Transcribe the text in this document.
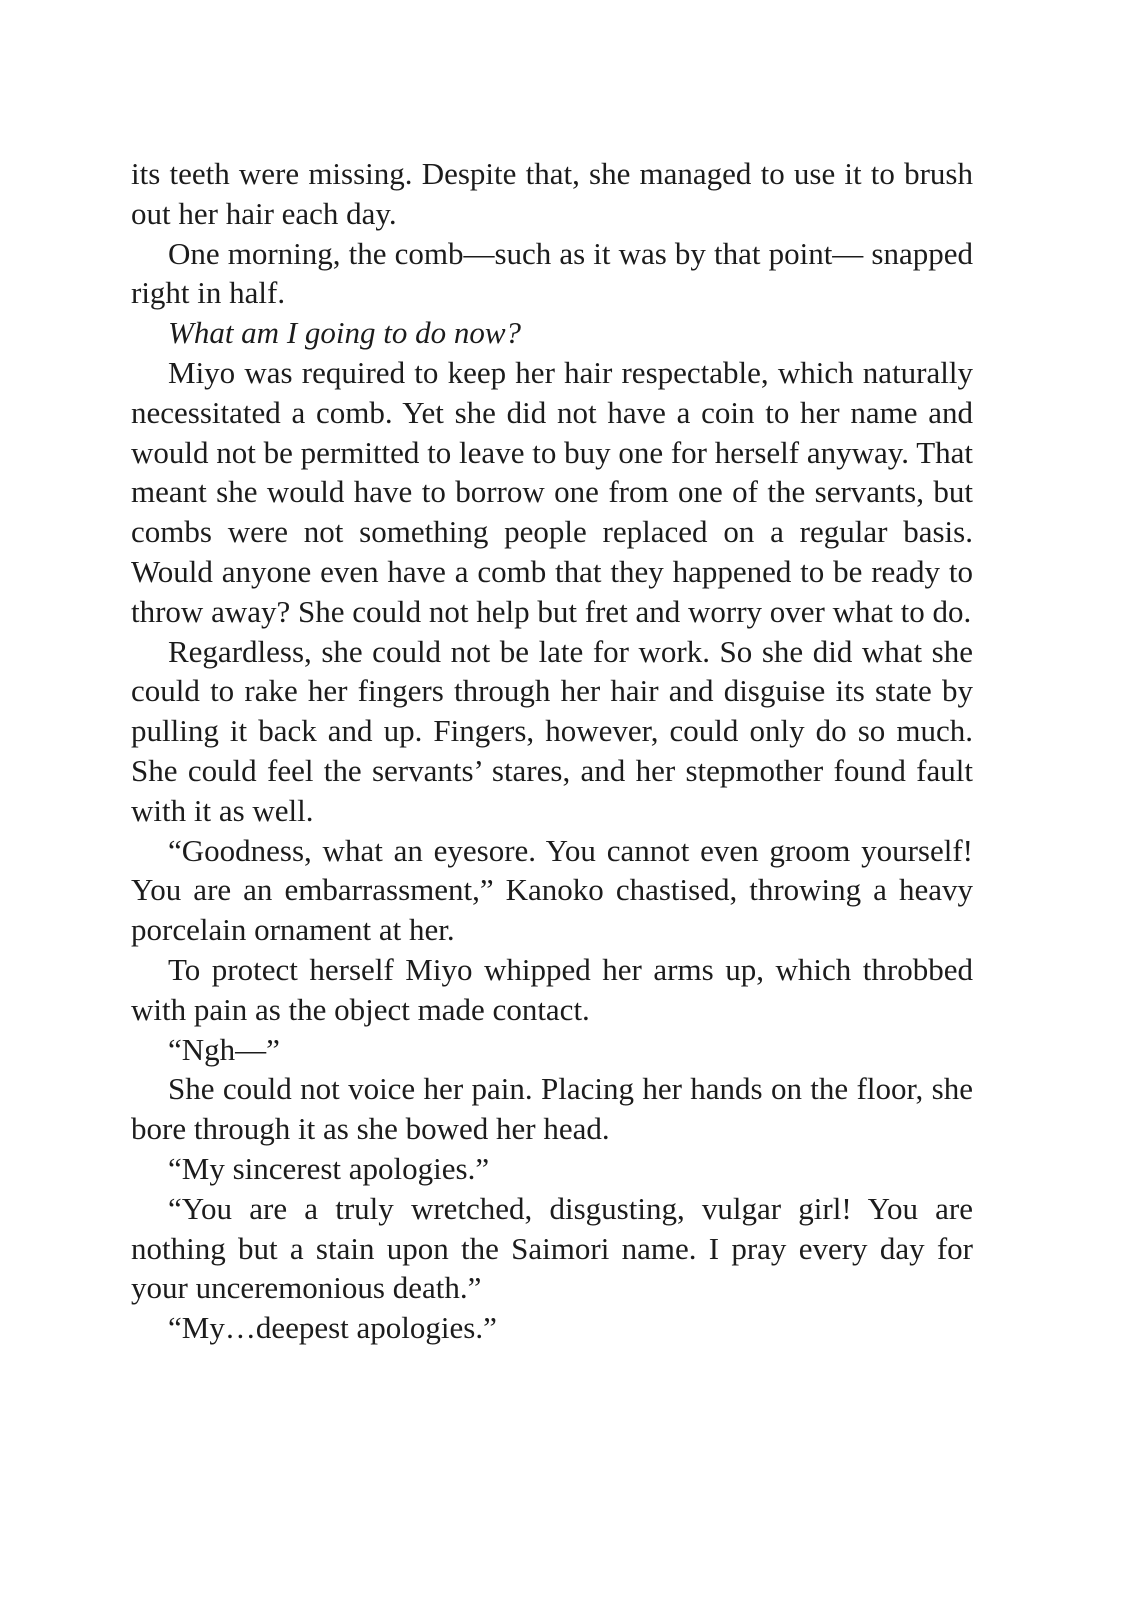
its teeth were missing. Despite that, she managed to use it to brush out her hair each day.

One morning, the comb—such as it was by that point— snapped right in half.

What am I going to do now?

Miyo was required to keep her hair respectable, which naturally necessitated a comb. Yet she did not have a coin to her name and would not be permitted to leave to buy one for herself anyway. That meant she would have to borrow one from one of the servants, but combs were not something people replaced on a regular basis. Would anyone even have a comb that they happened to be ready to throw away? She could not help but fret and worry over what to do.

Regardless, she could not be late for work. So she did what she could to rake her fingers through her hair and disguise its state by pulling it back and up. Fingers, however, could only do so much. She could feel the servants’ stares, and her stepmother found fault with it as well.

“Goodness, what an eyesore. You cannot even groom yourself! You are an embarrassment,” Kanoko chastised, throwing a heavy porcelain ornament at her.

To protect herself Miyo whipped her arms up, which throbbed with pain as the object made contact.

“Ngh—”

She could not voice her pain. Placing her hands on the floor, she bore through it as she bowed her head.

“My sincerest apologies.”

“You are a truly wretched, disgusting, vulgar girl! You are nothing but a stain upon the Saimori name. I pray every day for your unceremonious death.”

“My…deepest apologies.”
